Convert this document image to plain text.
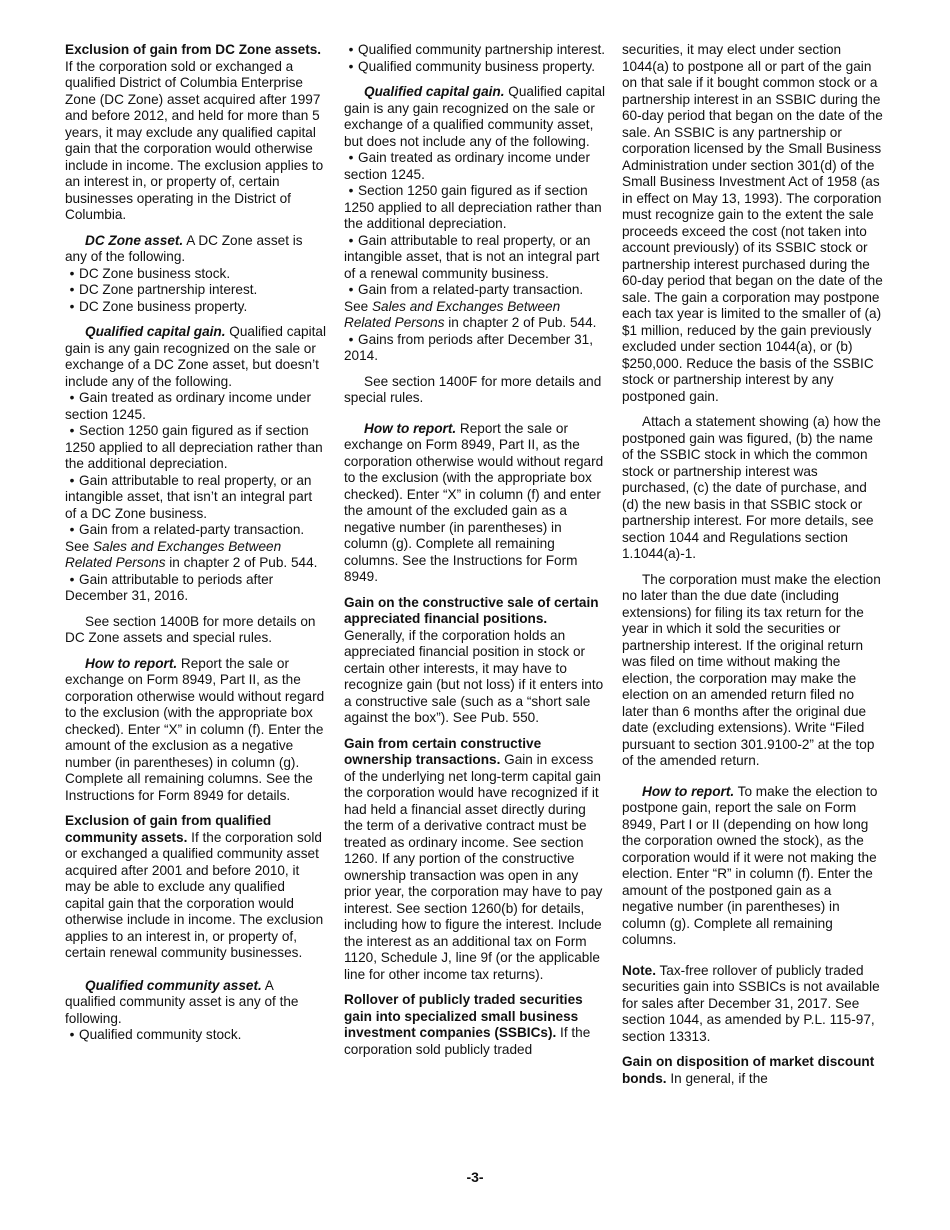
Exclusion of gain from DC Zone assets. If the corporation sold or exchanged a qualified District of Columbia Enterprise Zone (DC Zone) asset acquired after 1997 and before 2012, and held for more than 5 years, it may exclude any qualified capital gain that the corporation would otherwise include in income. The exclusion applies to an interest in, or property of, certain businesses operating in the District of Columbia.

DC Zone asset. A DC Zone asset is any of the following.

• DC Zone business stock.
• DC Zone partnership interest.
• DC Zone business property.

Qualified capital gain. Qualified capital gain is any gain recognized on the sale or exchange of a DC Zone asset, but doesn’t include any of the following.

• Gain treated as ordinary income under section 1245.
• Section 1250 gain figured as if section 1250 applied to all depreciation rather than the additional depreciation.
• Gain attributable to real property, or an intangible asset, that isn’t an integral part of a DC Zone business.
• Gain from a related-party transaction. See Sales and Exchanges Between Related Persons in chapter 2 of Pub. 544.
• Gain attributable to periods after December 31, 2016.

See section 1400B for more details on DC Zone assets and special rules.

How to report. Report the sale or exchange on Form 8949, Part II, as the corporation otherwise would without regard to the exclusion (with the appropriate box checked). Enter “X” in column (f). Enter the amount of the exclusion as a negative number (in parentheses) in column (g). Complete all remaining columns. See the Instructions for Form 8949 for details.

Exclusion of gain from qualified community assets. If the corporation sold or exchanged a qualified community asset acquired after 2001 and before 2010, it may be able to exclude any qualified capital gain that the corporation would otherwise include in income. The exclusion applies to an interest in, or property of, certain renewal community businesses.

Qualified community asset. A qualified community asset is any of the following.

• Qualified community stock.
• Qualified community partnership interest.
• Qualified community business property.

Qualified capital gain. Qualified capital gain is any gain recognized on the sale or exchange of a qualified community asset, but does not include any of the following.

• Gain treated as ordinary income under section 1245.
• Section 1250 gain figured as if section 1250 applied to all depreciation rather than the additional depreciation.
• Gain attributable to real property, or an intangible asset, that is not an integral part of a renewal community business.
• Gain from a related-party transaction. See Sales and Exchanges Between Related Persons in chapter 2 of Pub. 544.
• Gains from periods after December 31, 2014.

See section 1400F for more details and special rules.

How to report. Report the sale or exchange on Form 8949, Part II, as the corporation otherwise would without regard to the exclusion (with the appropriate box checked). Enter “X” in column (f) and enter the amount of the excluded gain as a negative number (in parentheses) in column (g). Complete all remaining columns. See the Instructions for Form 8949.

Gain on the constructive sale of certain appreciated financial positions. Generally, if the corporation holds an appreciated financial position in stock or certain other interests, it may have to recognize gain (but not loss) if it enters into a constructive sale (such as a “short sale against the box”). See Pub. 550.

Gain from certain constructive ownership transactions. Gain in excess of the underlying net long-term capital gain the corporation would have recognized if it had held a financial asset directly during the term of a derivative contract must be treated as ordinary income. See section 1260. If any portion of the constructive ownership transaction was open in any prior year, the corporation may have to pay interest. See section 1260(b) for details, including how to figure the interest. Include the interest as an additional tax on Form 1120, Schedule J, line 9f (or the applicable line for other income tax returns).

Rollover of publicly traded securities gain into specialized small business investment companies (SSBICs). If the corporation sold publicly traded

securities, it may elect under section 1044(a) to postpone all or part of the gain on that sale if it bought common stock or a partnership interest in an SSBIC during the 60-day period that began on the date of the sale. An SSBIC is any partnership or corporation licensed by the Small Business Administration under section 301(d) of the Small Business Investment Act of 1958 (as in effect on May 13, 1993). The corporation must recognize gain to the extent the sale proceeds exceed the cost (not taken into account previously) of its SSBIC stock or partnership interest purchased during the 60-day period that began on the date of the sale. The gain a corporation may postpone each tax year is limited to the smaller of (a) $1 million, reduced by the gain previously excluded under section 1044(a), or (b) $250,000. Reduce the basis of the SSBIC stock or partnership interest by any postponed gain.

Attach a statement showing (a) how the postponed gain was figured, (b) the name of the SSBIC stock in which the common stock or partnership interest was purchased, (c) the date of purchase, and (d) the new basis in that SSBIC stock or partnership interest. For more details, see section 1044 and Regulations section 1.1044(a)-1.

The corporation must make the election no later than the due date (including extensions) for filing its tax return for the year in which it sold the securities or partnership interest. If the original return was filed on time without making the election, the corporation may make the election on an amended return filed no later than 6 months after the original due date (excluding extensions). Write “Filed pursuant to section 301.9100-2” at the top of the amended return.

How to report. To make the election to postpone gain, report the sale on Form 8949, Part I or II (depending on how long the corporation owned the stock), as the corporation would if it were not making the election. Enter “R” in column (f). Enter the amount of the postponed gain as a negative number (in parentheses) in column (g). Complete all remaining columns.

Note. Tax-free rollover of publicly traded securities gain into SSBICs is not available for sales after December 31, 2017. See section 1044, as amended by P.L. 115-97, section 13313.

Gain on disposition of market discount bonds. In general, if the

-3-
